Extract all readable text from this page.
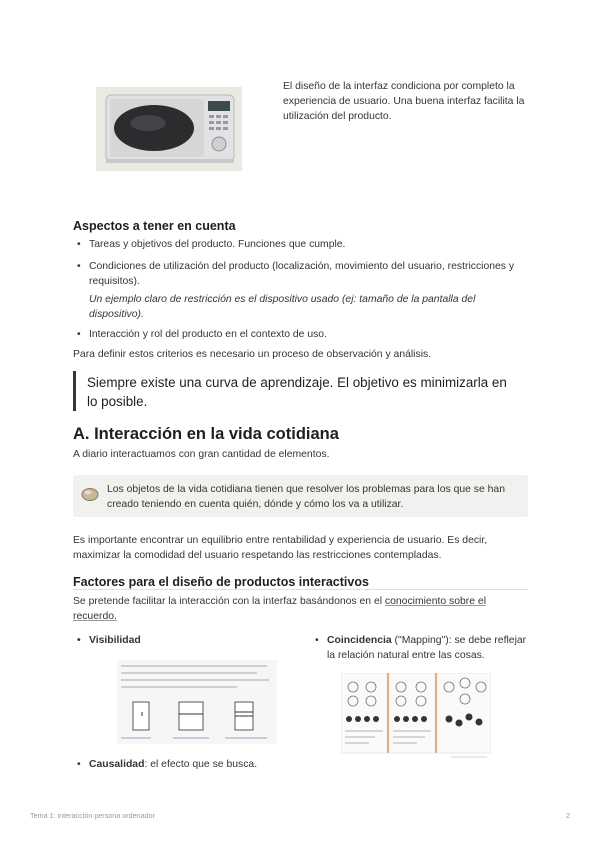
El diseño de la interfaz condiciona por completo la experiencia de usuario. Una buena interfaz facilita la utilización del producto.
Aspectos a tener en cuenta
• Tareas y objetivos del producto. Funciones que cumple.
• Condiciones de utilización del producto (localización, movimiento del usuario, restricciones y requisitos).
Un ejemplo claro de restricción es el dispositivo usado (ej: tamaño de la pantalla del dispositivo).
• Interacción y rol del producto en el contexto de uso.
Para definir estos criterios es necesario un proceso de observación y análisis.
Siempre existe una curva de aprendizaje. El objetivo es minimizarla en lo posible.
A. Interacción en la vida cotidiana
A diario interactuamos con gran cantidad de elementos.
Los objetos de la vida cotidiana tienen que resolver los problemas para los que se han creado teniendo en cuenta quién, dónde y cómo los va a utilizar.
Es importante encontrar un equilibrio entre rentabilidad y experiencia de usuario. Es decir, maximizar la comodidad del usuario respetando las restricciones contempladas.
Factores para el diseño de productos interactivos
Se pretende facilitar la interacción con la interfaz basándonos en el conocimiento sobre el recuerdo.
• Visibilidad
•	Coincidencia ("Mapping"): se debe reflejar la relación natural entre las cosas.
• Causalidad: el efecto que se busca.
Tema 1: interacción persona ordenador	2
